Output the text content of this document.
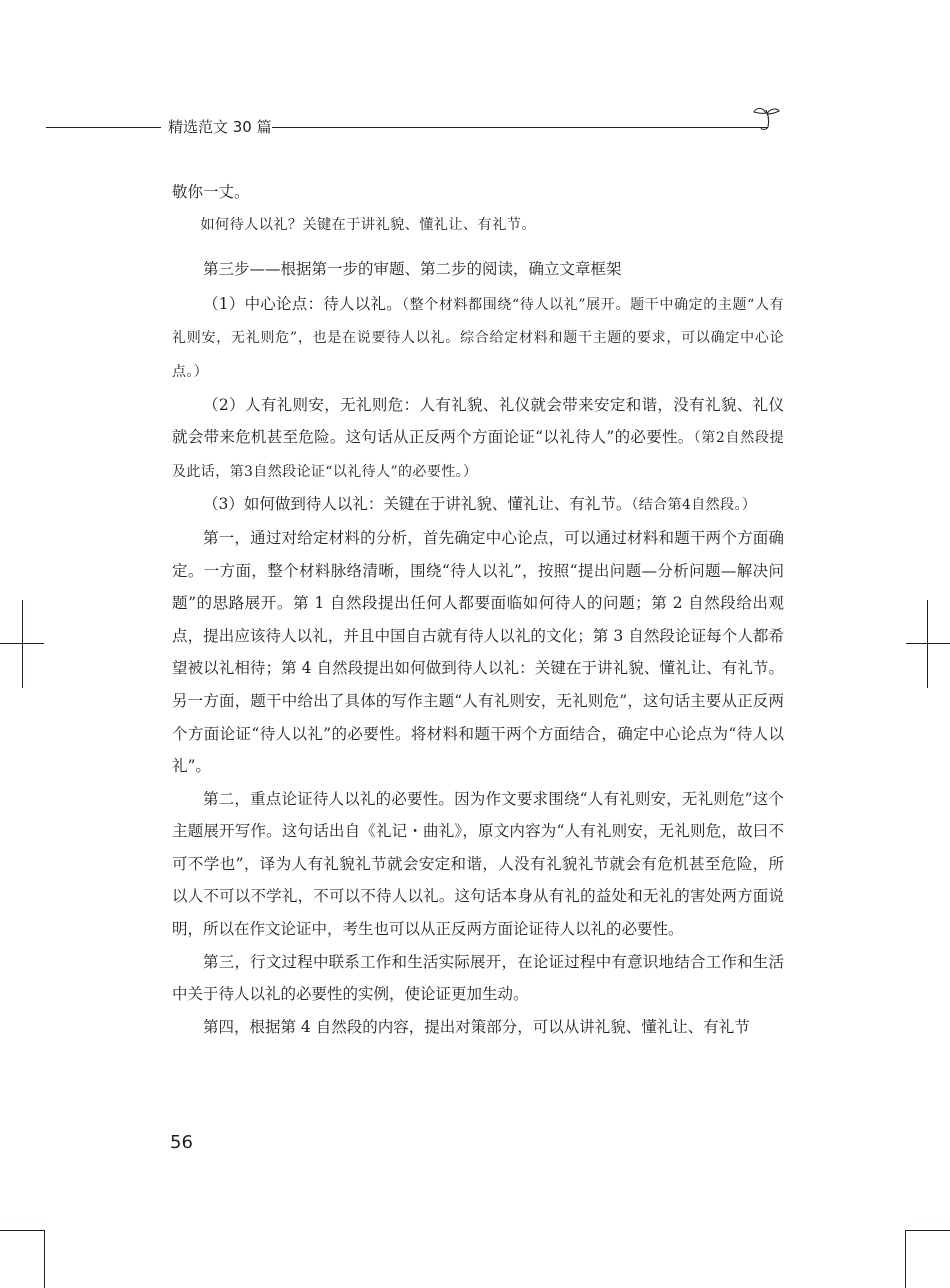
精选范文 30 篇

敬你一丈。

如何待人以礼？关键在于讲礼貌、懂礼让、有礼节。

第三步——根据第一步的审题、第二步的阅读，确立文章框架

（1）中心论点：待人以礼。（整个材料都围绕“待人以礼”展开。题干中确定的主题“人有礼则安，无礼则危”，也是在说要待人以礼。综合给定材料和题干主题的要求，可以确定中心论点。）

（2）人有礼则安，无礼则危：人有礼貌、礼仪就会带来安定和谐，没有礼貌、礼仪就会带来危机甚至危险。这句话从正反两个方面论证“以礼待人”的必要性。（第2自然段提及此话，第3自然段论证“以礼待人”的必要性。）

（3）如何做到待人以礼：关键在于讲礼貌、懂礼让、有礼节。（结合第4自然段。）

第一，通过对给定材料的分析，首先确定中心论点，可以通过材料和题干两个方面确定。一方面，整个材料脉络清晰，围绕“待人以礼”，按照“提出问题—分析问题—解决问题”的思路展开。第 1 自然段提出任何人都要面临如何待人的问题；第 2 自然段给出观点，提出应该待人以礼，并且中国自古就有待人以礼的文化；第 3 自然段论证每个人都希望被以礼相待；第 4 自然段提出如何做到待人以礼：关键在于讲礼貌、懂礼让、有礼节。另一方面，题干中给出了具体的写作主题“人有礼则安，无礼则危”，这句话主要从正反两个方面论证“待人以礼”的必要性。将材料和题干两个方面结合，确定中心论点为“待人以礼”。

第二，重点论证待人以礼的必要性。因为作文要求围绕“人有礼则安，无礼则危”这个主题展开写作。这句话出自《礼记・曲礼》，原文内容为“人有礼则安，无礼则危，故曰不可不学也”，译为人有礼貌礼节就会安定和谐，人没有礼貌礼节就会有危机甚至危险，所以人不可以不学礼，不可以不待人以礼。这句话本身从有礼的益处和无礼的害处两方面说明，所以在作文论证中，考生也可以从正反两方面论证待人以礼的必要性。

第三，行文过程中联系工作和生活实际展开，在论证过程中有意识地结合工作和生活中关于待人以礼的必要性的实例，使论证更加生动。

第四，根据第 4 自然段的内容，提出对策部分，可以从讲礼貌、懂礼让、有礼节

56
